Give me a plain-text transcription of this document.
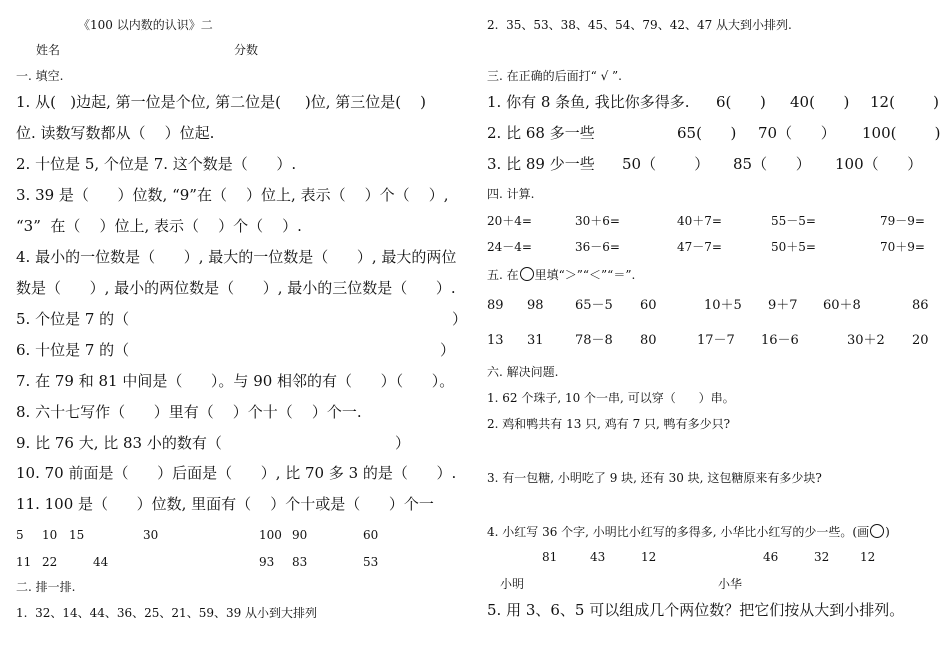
《100 以内数的认识》二
姓名	分数
一. 填空.
1. 从(   )边起, 第一位是个位, 第二位是(     )位, 第三位是(    )
位. 读数写数都从（    ）位起.
2. 十位是 5, 个位是 7. 这个数是（      ）.
3. 39 是（      ）位数, “9”在（    ）位上, 表示（    ）个（    ）,
“3”  在（    ）位上, 表示（    ）个（    ）.
4. 最小的一位数是（      ）, 最大的一位数是（      ）, 最大的两位
数是（      ）, 最小的两位数是（      ）, 最小的三位数是（      ）.
5. 个位是 7 的（	）
6. 十位是 7 的（	）
7. 在 79 和 81 中间是（      ）。与 90 相邻的有（      ）（      ）。
8. 六十七写作（      ）里有（    ）个十（    ）个一.
9. 比 76 大, 比 83 小的数有（	）
10. 70 前面是（      ）后面是（      ）, 比 70 多 3 的是（      ）.
11. 100 是（      ）位数, 里面有（    ）个十或是（      ）个一
5 10 15	30	100 90	60
11 22	44	93 83	53
二. 排一排.
1.  32、14、44、36、25、21、59、39 从小到大排列
2.  35、53、38、45、54、79、42、47 从大到小排列.
三. 在正确的后面打“ √ ”.
1. 你有 8 条鱼, 我比你多得多. 6(      ) 40(      ) 12(        )
2. 比 68 多一些	65(      ) 70（      ） 100(        )
3. 比 89 少一些 50（        ） 85（      ） 100（      ）
四. 计算.
20＋4=	30＋6=	40＋7=	55－5=	79－9=
24－4=	36－6=	47－7=	50＋5=	70＋9=
五. 在 里填“＞”“＜”“＝”.
89 98 65－5 60	10＋5 9＋7 60＋8	86
13 31 78－8 80	17－7 16－6	30＋2 20
六. 解决问题.
1. 62 个珠子, 10 个一串, 可以穿（      ）串。
2. 鸡和鸭共有 13 只, 鸡有 7 只, 鸭有多少只?
3. 有一包糖, 小明吃了 9 块, 还有 30 块, 这包糖原来有多少块?
4. 小红写 36 个字, 小明比小红写的多得多, 小华比小红写的少一些。(画 )
81	43	12	46	32	12
小明	小华
5. 用 3、6、5 可以组成几个两位数？把它们按从大到小排列。
